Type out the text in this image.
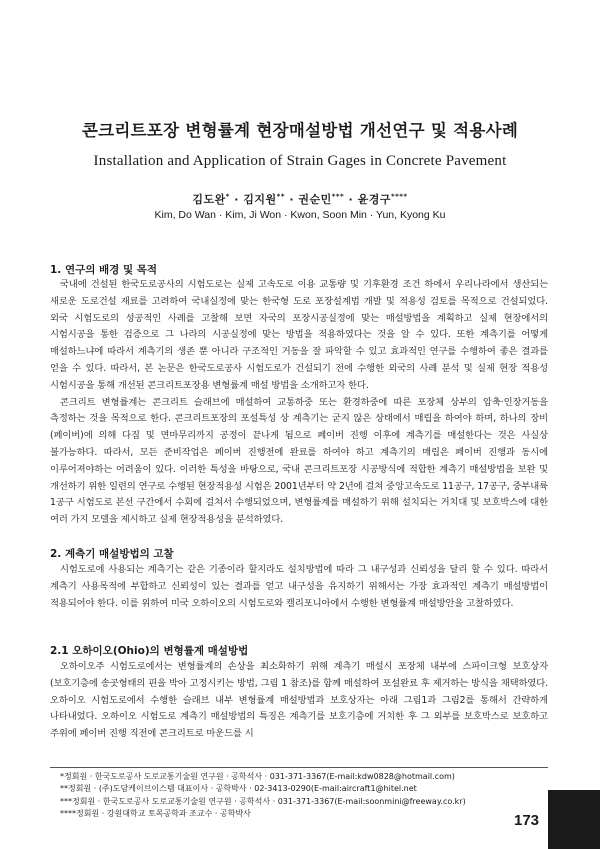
콘크리트포장 변형률계 현장매설방법 개선연구 및 적용사례
Installation and Application of Strain Gages in Concrete Pavement
김도완* · 김지원** · 권순민*** · 윤경구****
Kim, Do Wan · Kim, Ji Won · Kwon, Soon Min · Yun, Kyong Ku
1. 연구의 배경 및 목적

국내에 건설된 한국도로공사의 시험도로는 실제 고속도로 이용 교통량 및 기후환경 조건 하에서 우리나라에서 생산되는 새로운 도로건설 재료를 고려하여 국내실정에 맞는 한국형 도로 포장설계법 개발 및 적용성 검토를 목적으로 건설되었다. 외국 시험도로의 성공적인 사례를 고찰해 보면 자국의 포장시공실정에 맞는 매설방법을 계획하고 실제 현장에서의 시험시공을 통한 검증으로 그 나라의 시공실정에 맞는 방법을 적용하였다는 것을 알 수 있다. 또한 계측기를 어떻게 매설하느냐에 따라서 계측기의 생존 뿐 아니라 구조적인 거동을 잘 파악할 수 있고 효과적인 연구를 수행하여 좋은 결과를 얻을 수 있다. 따라서, 본 논문은 한국도로공사 시험도로가 건설되기 전에 수행한 외국의 사례 분석 및 실제 현장 적용성 시험시공을 통해 개선된 콘크리트포장용 변형률계 매설 방법을 소개하고자 한다.

콘크리트 변형률계는 콘크리트 슬래브에 매설하여 교통하중 또는 환경하중에 따른 포장체 상부의 압축·인장거동을 측정하는 것을 목적으로 한다. 콘크리트포장의 포설특성 상 계측기는 굳지 않은 상태에서 매립을 하여야 하며, 하나의 장비(페이버)에 의해 다짐 및 면마무리까지 공정이 끝나게 됨으로 페이버 진행 이후에 계측기를 매설한다는 것은 사실상 불가능하다. 따라서, 모든 준비작업은 페이버 진행전에 완료를 하여야 하고 계측기의 매립은 페이버 진행과 동시에 이루어져야하는 어려움이 있다. 이러한 특성을 바탕으로, 국내 콘크리트포장 시공방식에 적합한 계측기 매설방법을 보완 및 개선하기 위한 일련의 연구로 수행된 현장적용성 시험은 2001년부터 약 2년에 걸쳐 중앙고속도로 11공구, 17공구, 중부내륙 1공구 시험도로 본선 구간에서 수회에 걸쳐서 수행되었으며, 변형률계를 매설하기 위해 설치되는 거치대 및 보호박스에 대한 여러 가지 모델을 제시하고 실제 현장적용성을 분석하였다.

2. 계측기 매설방법의 고찰

시험도로에 사용되는 계측기는 같은 기종이라 할지라도 설치방법에 따라 그 내구성과 신뢰성을 달리 할 수 있다. 따라서 계측기 사용목적에 부합하고 신뢰성이 있는 결과를 얻고 내구성을 유지하기 위해서는 가장 효과적인 계측기 매설방법이 적용되어야 한다. 이를 위하여 미국 오하이오의 시험도로와 캘리포니아에서 수행한 변형률계 매설방안을 고찰하였다.

2.1 오하이오(Ohio)의 변형률계 매설방법

오하이오주 시험도로에서는 변형률계의 손상을 최소화하기 위해 계측기 매설시 포장체 내부에 스파이크형 보호상자(보호기층에 송곳형태의 핀을 박아 고정시키는 방법, 그림 1 참조)를 함께 매설하여 포설완료 후 제거하는 방식을 채택하였다. 오하이오 시험도로에서 수행한 슬래브 내부 변형률계 매설방법과 보호상자는 아래 그림1과 그림2를 통해서 간략하게 나타내었다. 오하이오 시험도로 계측기 매설방법의 특징은 계측기를 보호기층에 거치한 후 그 외부를 보호박스로 보호하고 주위에 페이버 진행 직전에 콘크리트로 마운드를 시

*정회원 · 한국도로공사 도로교통기술원 연구원 · 공학석사 · 031-371-3367(E-mail:kdw0828@hotmail.com)
**정회원 · (주)도담케이브이스템 대표이사 · 공학박사 · 02-3413-0290(E-mail:aircraft1@hitel.net
***정회원 · 한국도로공사 도로교통기술원 연구원 · 공학석사 · 031-371-3367(E-mail:soonmini@freeway.co.kr)
****정회원 · 강원대학교 토목공학과 조교수 · 공학박사	173
